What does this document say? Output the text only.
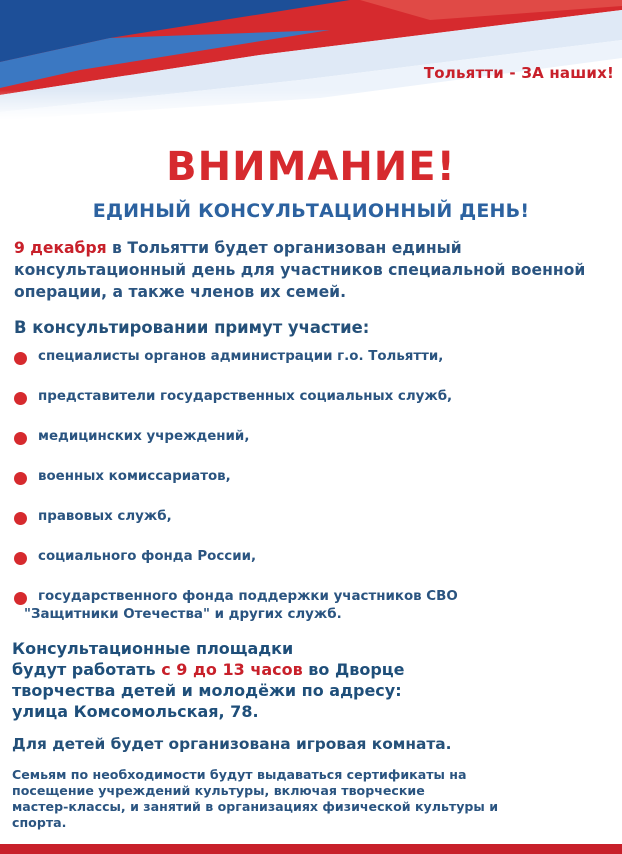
Тольятти - ЗА наших!
ВНИМАНИЕ!
ЕДИНЫЙ КОНСУЛЬТАЦИОННЫЙ ДЕНЬ!
9 декабря в Тольятти будет организован единый консультационный день для участников специальной военной операции, а также членов их семей.
В консультировании примут участие:
специалисты органов администрации г.о. Тольятти,
представители государственных социальных служб,
медицинских учреждений,
военных комиссариатов,
правовых служб,
социального фонда России,
государственного фонда поддержки участников СВО
"Защитники Отечества" и других служб.
Консультационные площадки
будут работать с 9 до 13 часов во Дворце
творчества детей и молодёжи по адресу:
улица Комсомольская, 78.
Для детей будет организована игровая комната.
Семьям по необходимости будут выдаваться сертификаты на
посещение учреждений культуры, включая творческие
мастер-классы, и занятий в организациях физической культуры и
спорта.
